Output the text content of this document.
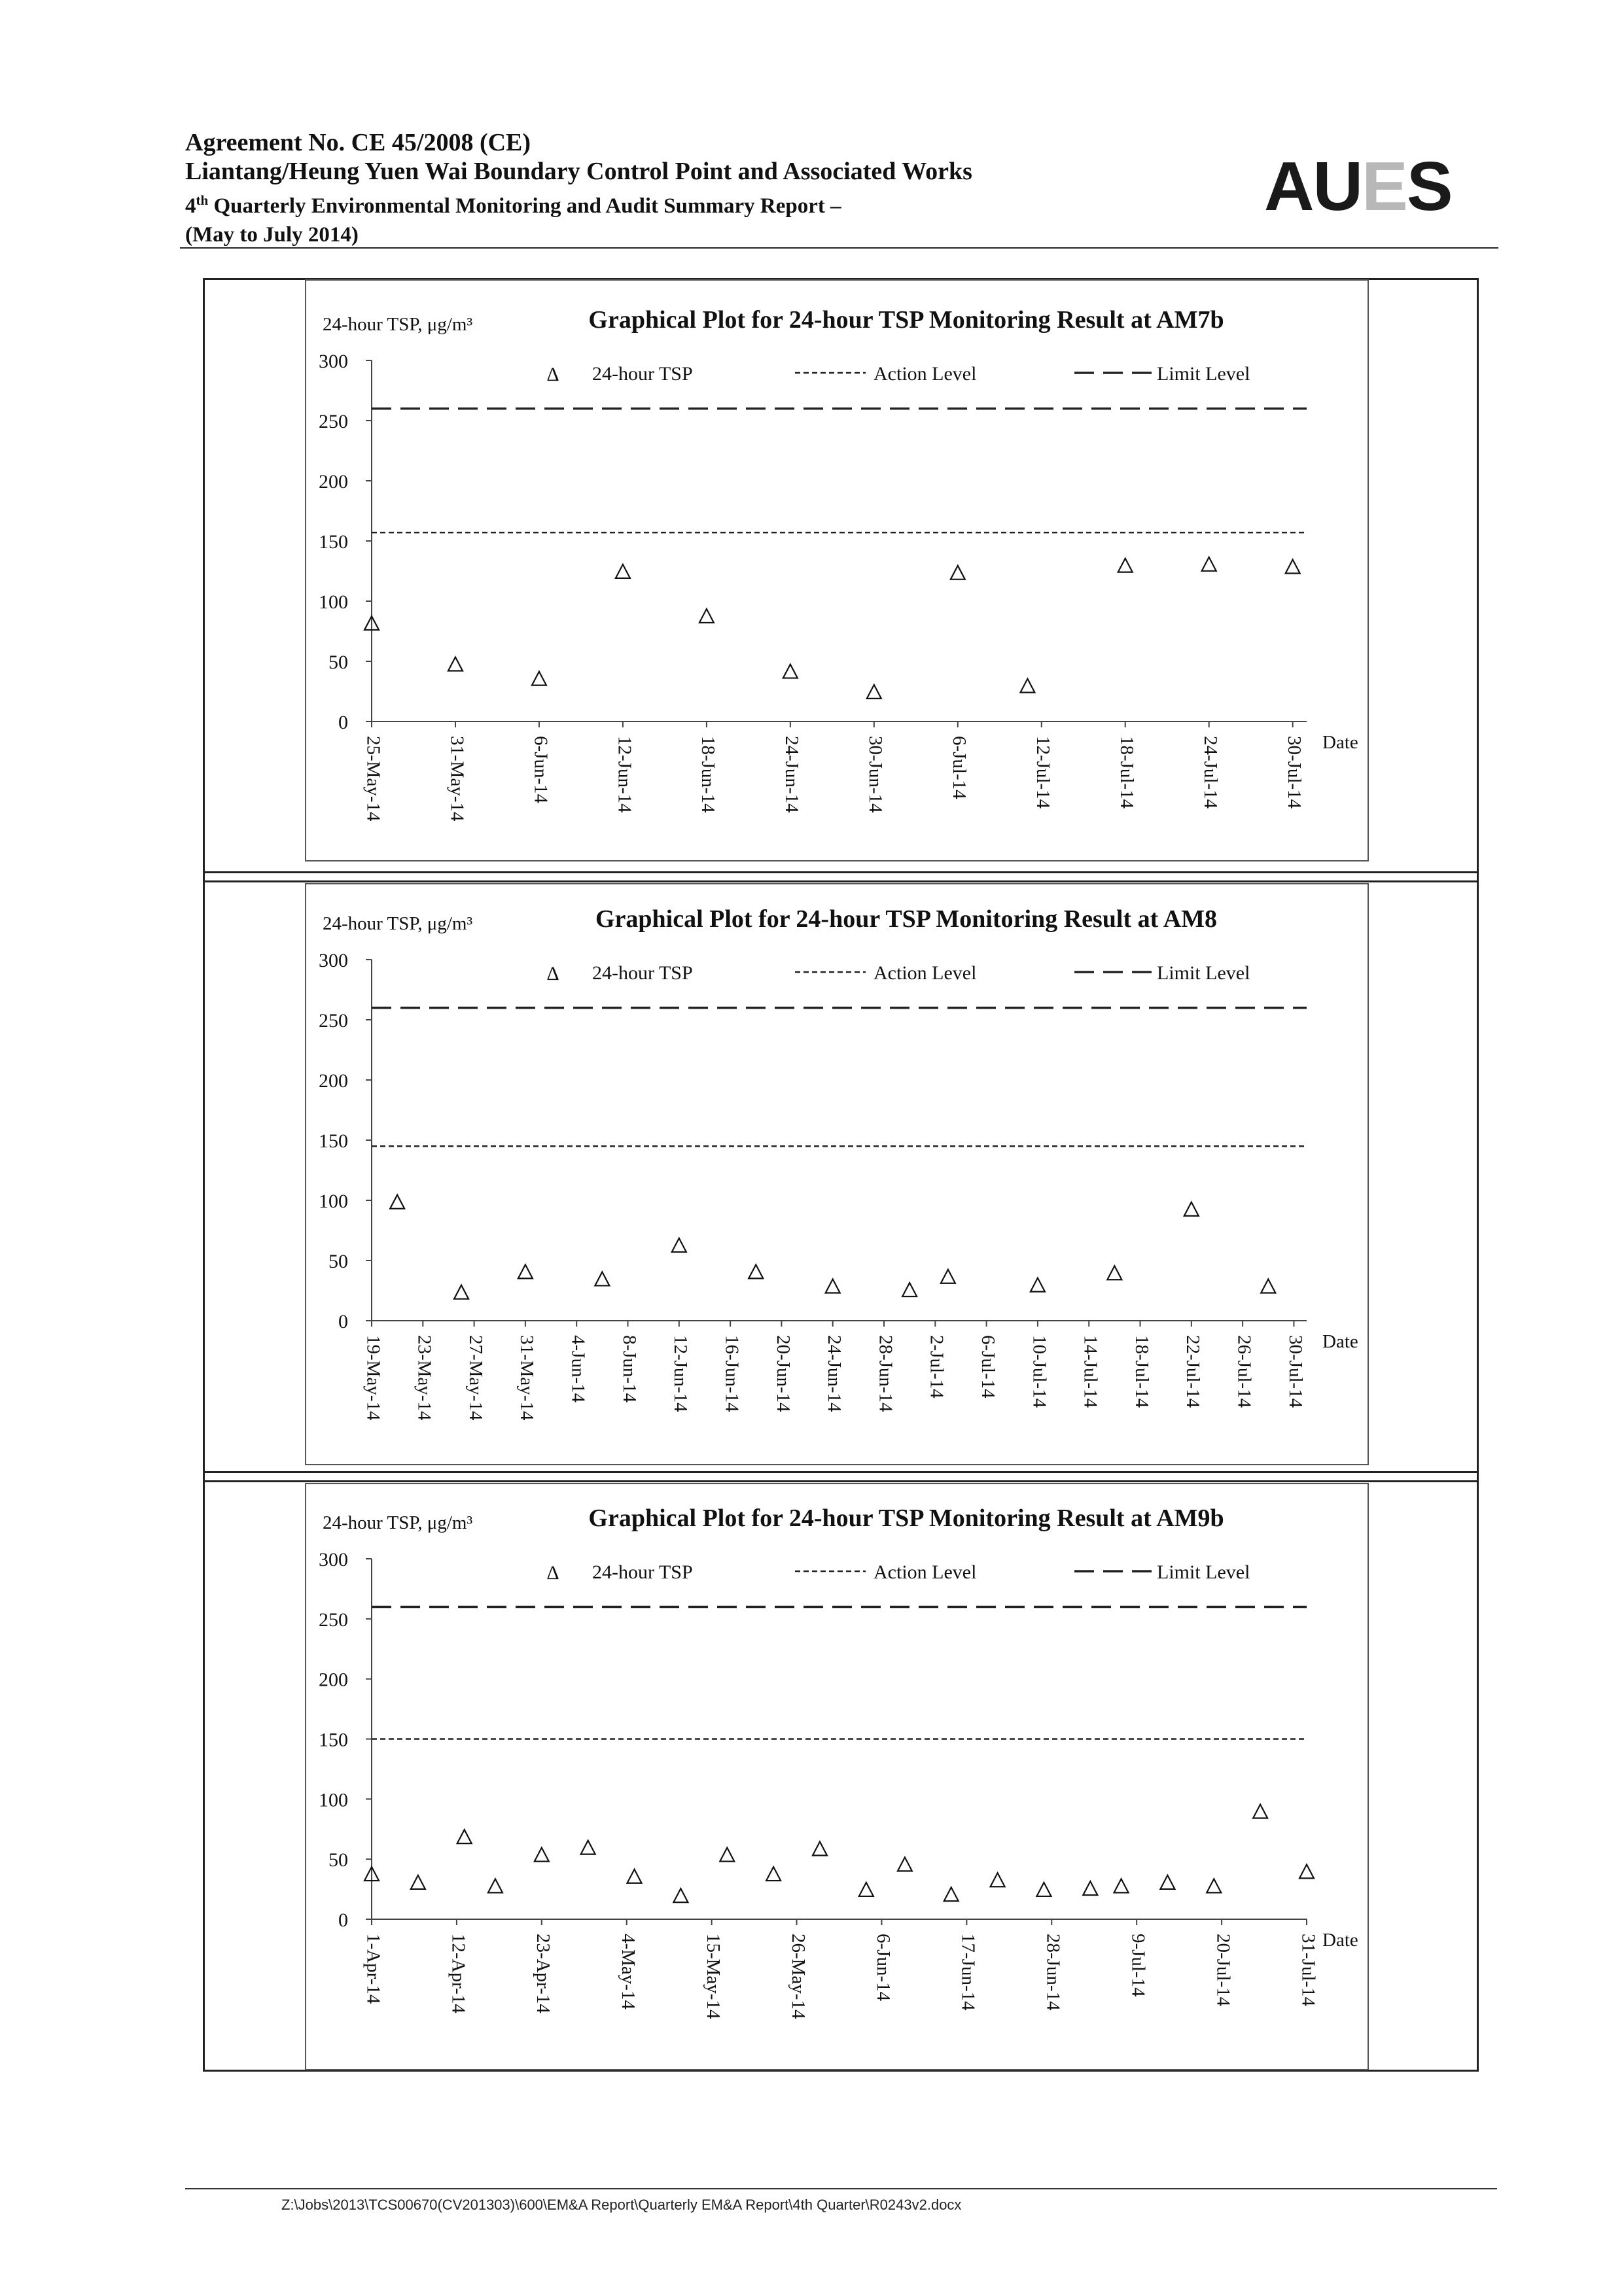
Agreement No. CE 45/2008 (CE)
Liantang/Heung Yuen Wai Boundary Control Point and Associated Works
4th Quarterly Environmental Monitoring and Audit Summary Report –
(May to July 2014)
AUES
Graphical Plot for 24-hour TSP Monitoring Result at AM7b
24-hour TSP, μg/m³
0
50
100
150
200
250
300
25-May-14	31-May-14	6-Jun-14	12-Jun-14	18-Jun-14	24-Jun-14	30-Jun-14	6-Jul-14	12-Jul-14	18-Jul-14	24-Jul-14	30-Jul-14 Date
Δ 24-hour TSP	Action Level	Limit Level
Graphical Plot for 24-hour TSP Monitoring Result at AM8
24-hour TSP, μg/m³
0
50
100
150
200
250
300
19-May-14 23-May-14 27-May-14 31-May-14 4-Jun-14 8-Jun-14 12-Jun-14 16-Jun-14 20-Jun-14 24-Jun-14 28-Jun-14 2-Jul-14 6-Jul-14 10-Jul-14 14-Jul-14 18-Jul-14 22-Jul-14 26-Jul-14 30-Jul-14 Date
Δ 24-hour TSP	Action Level	Limit Level
Graphical Plot for 24-hour TSP Monitoring Result at AM9b
24-hour TSP, μg/m³
0
50
100
150
200
250
300
1-Apr-14	12-Apr-14	23-Apr-14	4-May-14	15-May-14	26-May-14	6-Jun-14	17-Jun-14	28-Jun-14	9-Jul-14	20-Jul-14	31-Jul-14 Date
Δ 24-hour TSP	Action Level	Limit Level
Z:\Jobs\2013\TCS00670(CV201303)\600\EM&A Report\Quarterly EM&A Report\4th Quarter\R0243v2.docx
